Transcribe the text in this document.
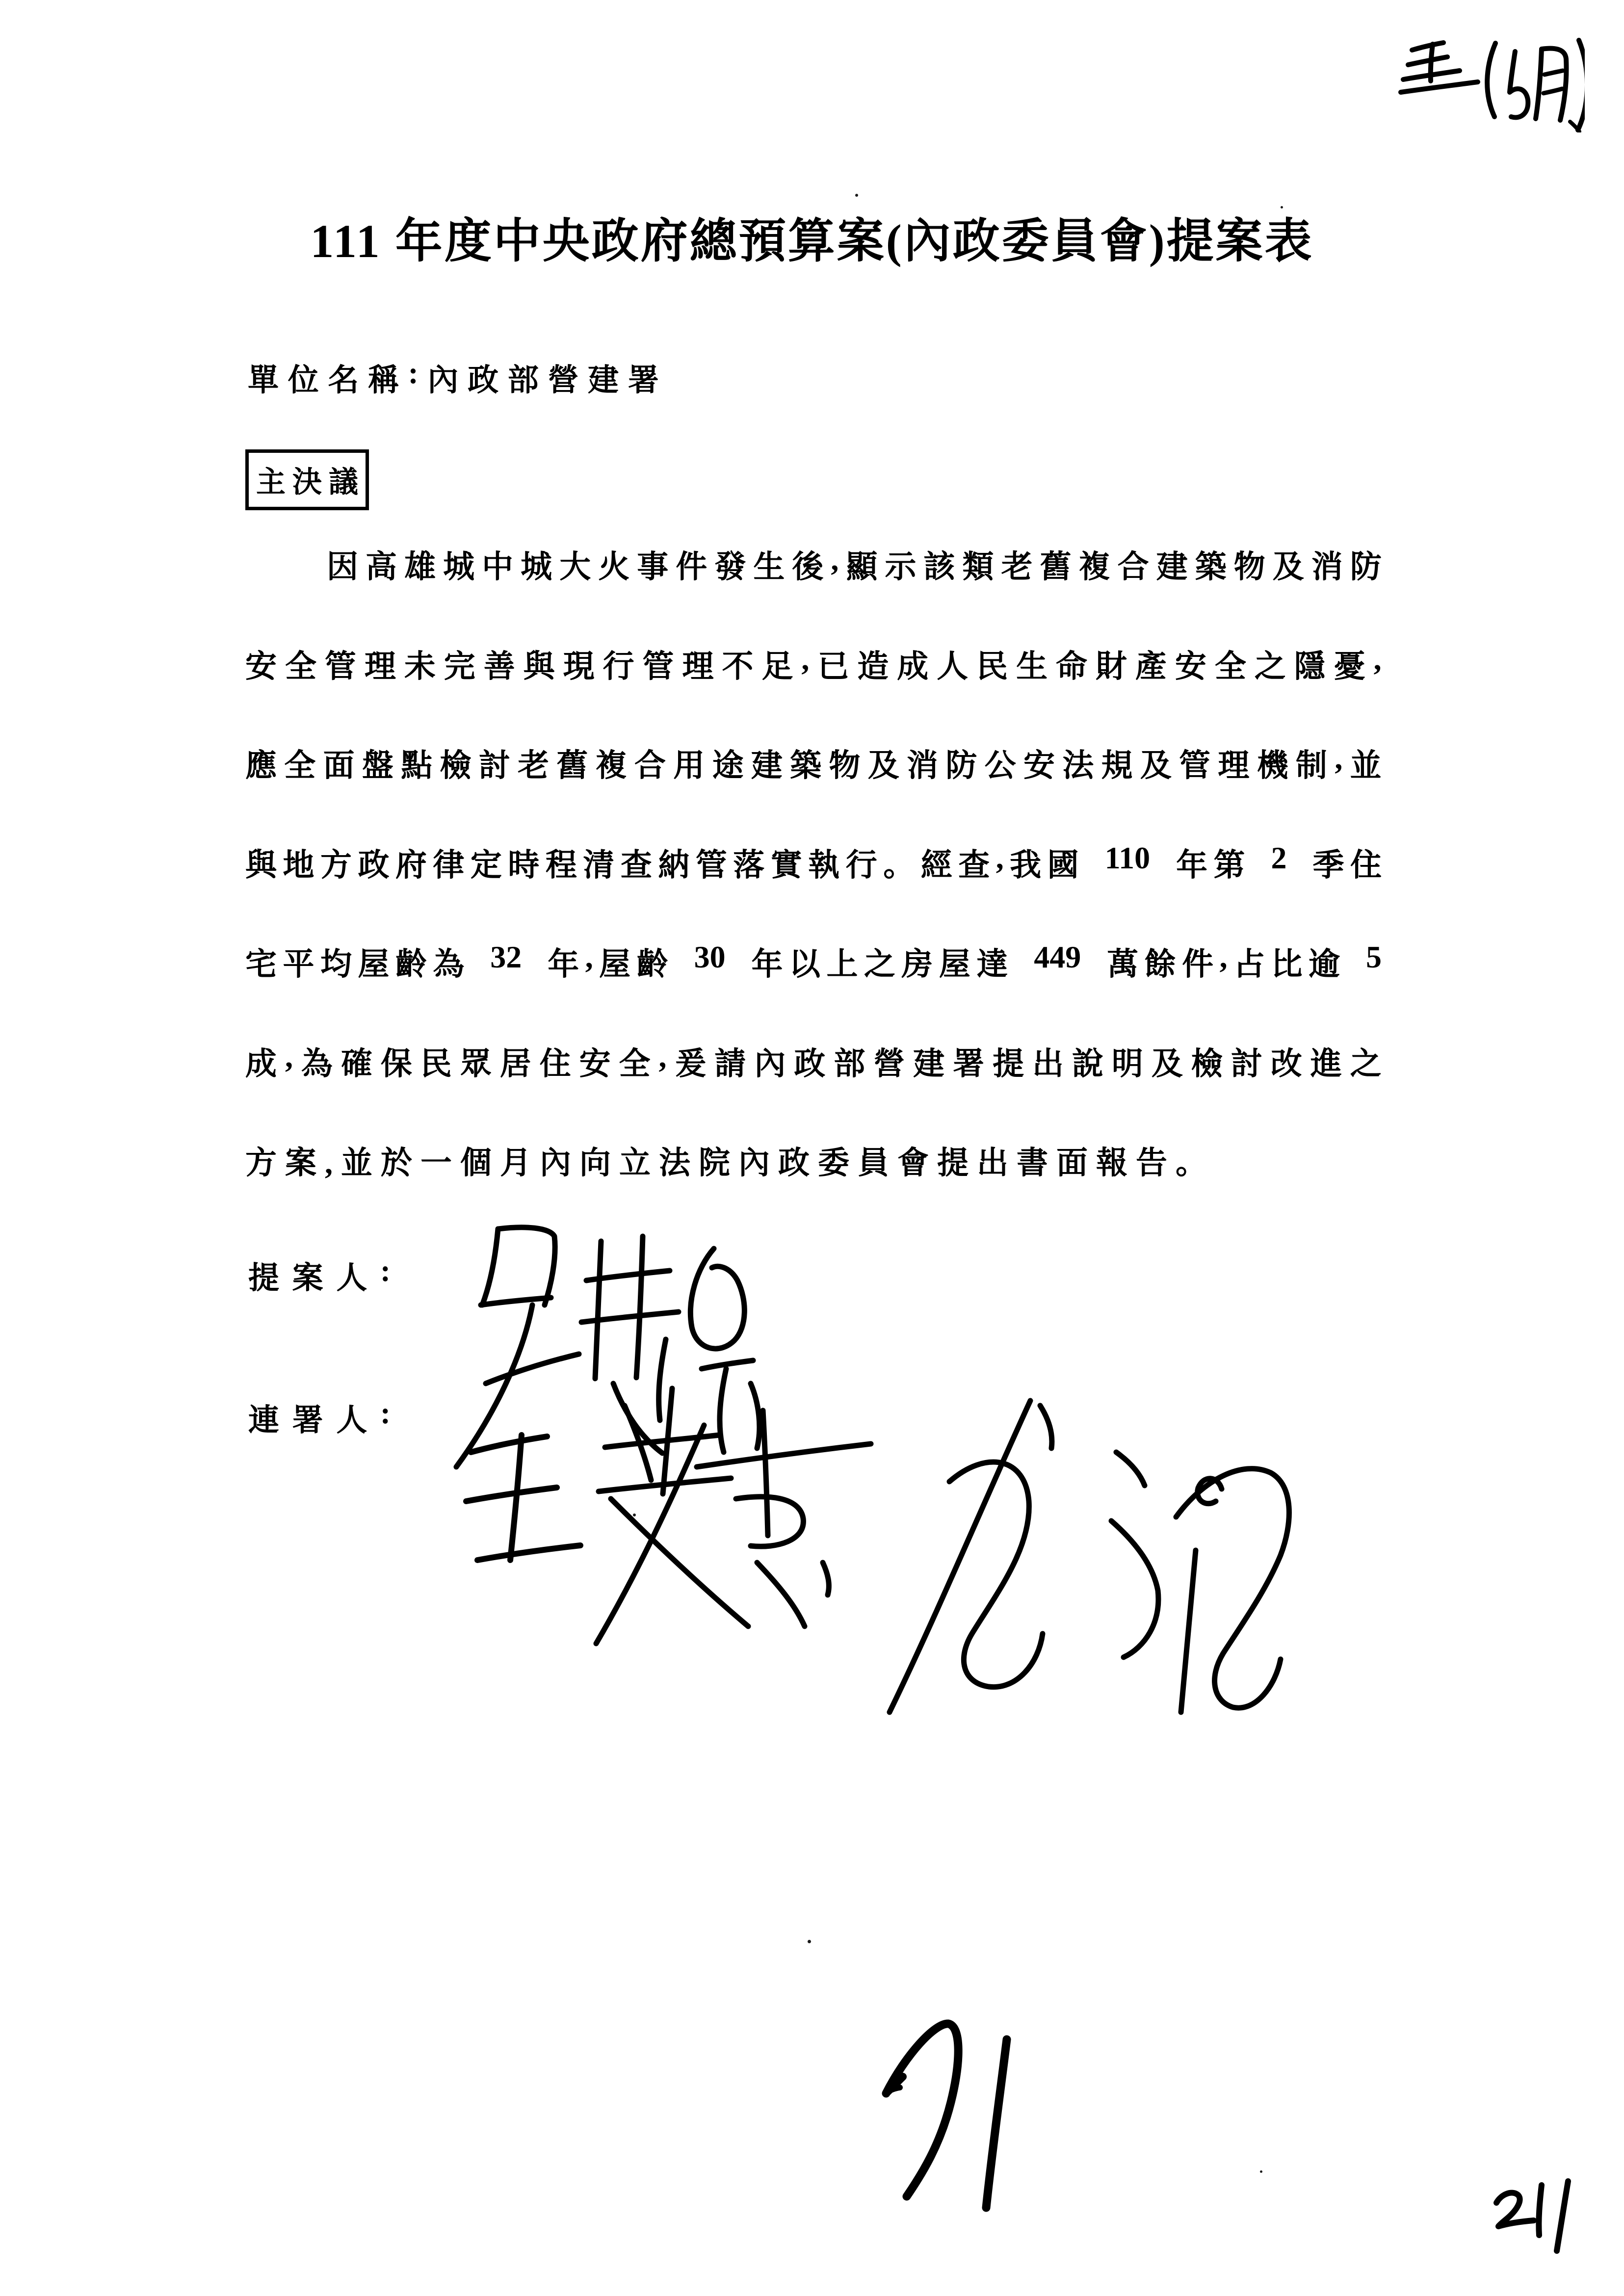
111 年度中央政府總預算案(內政委員會)提案表
單 位 名 稱 : 內 政 部 營 建 署
主 決 議
因 高 雄 城 中 城 大 火 事 件 發 生 後 , 顯 示 該 類 老 舊 複 合 建 築 物 及 消 防
安 全 管 理 未 完 善 與 現 行 管 理 不 足 , 已 造 成 人 民 生 命 財 產 安 全 之 隱 憂 ,
應 全 面 盤 點 檢 討 老 舊 複 合 用 途 建 築 物 及 消 防 公 安 法 規 及 管 理 機 制 , 並
與 地 方 政 府 律 定 時 程 清 查 納 管 落 實 執 行 。 經 查 , 我 國
110
年 第
2
季 住
宅 平 均 屋 齡 為
32
年 , 屋 齡
30
年 以 上 之 房 屋 達
449
萬 餘 件 , 占 比 逾
5
成 , 為 確 保 民 眾 居 住 安 全 , 爰 請 內 政 部 營 建 署 提 出 說 明 及 檢 討 改 進 之
方案,並於一個月內向立法院內政委員會提出書面報告。
提 案 人 :
連 署 人 :
